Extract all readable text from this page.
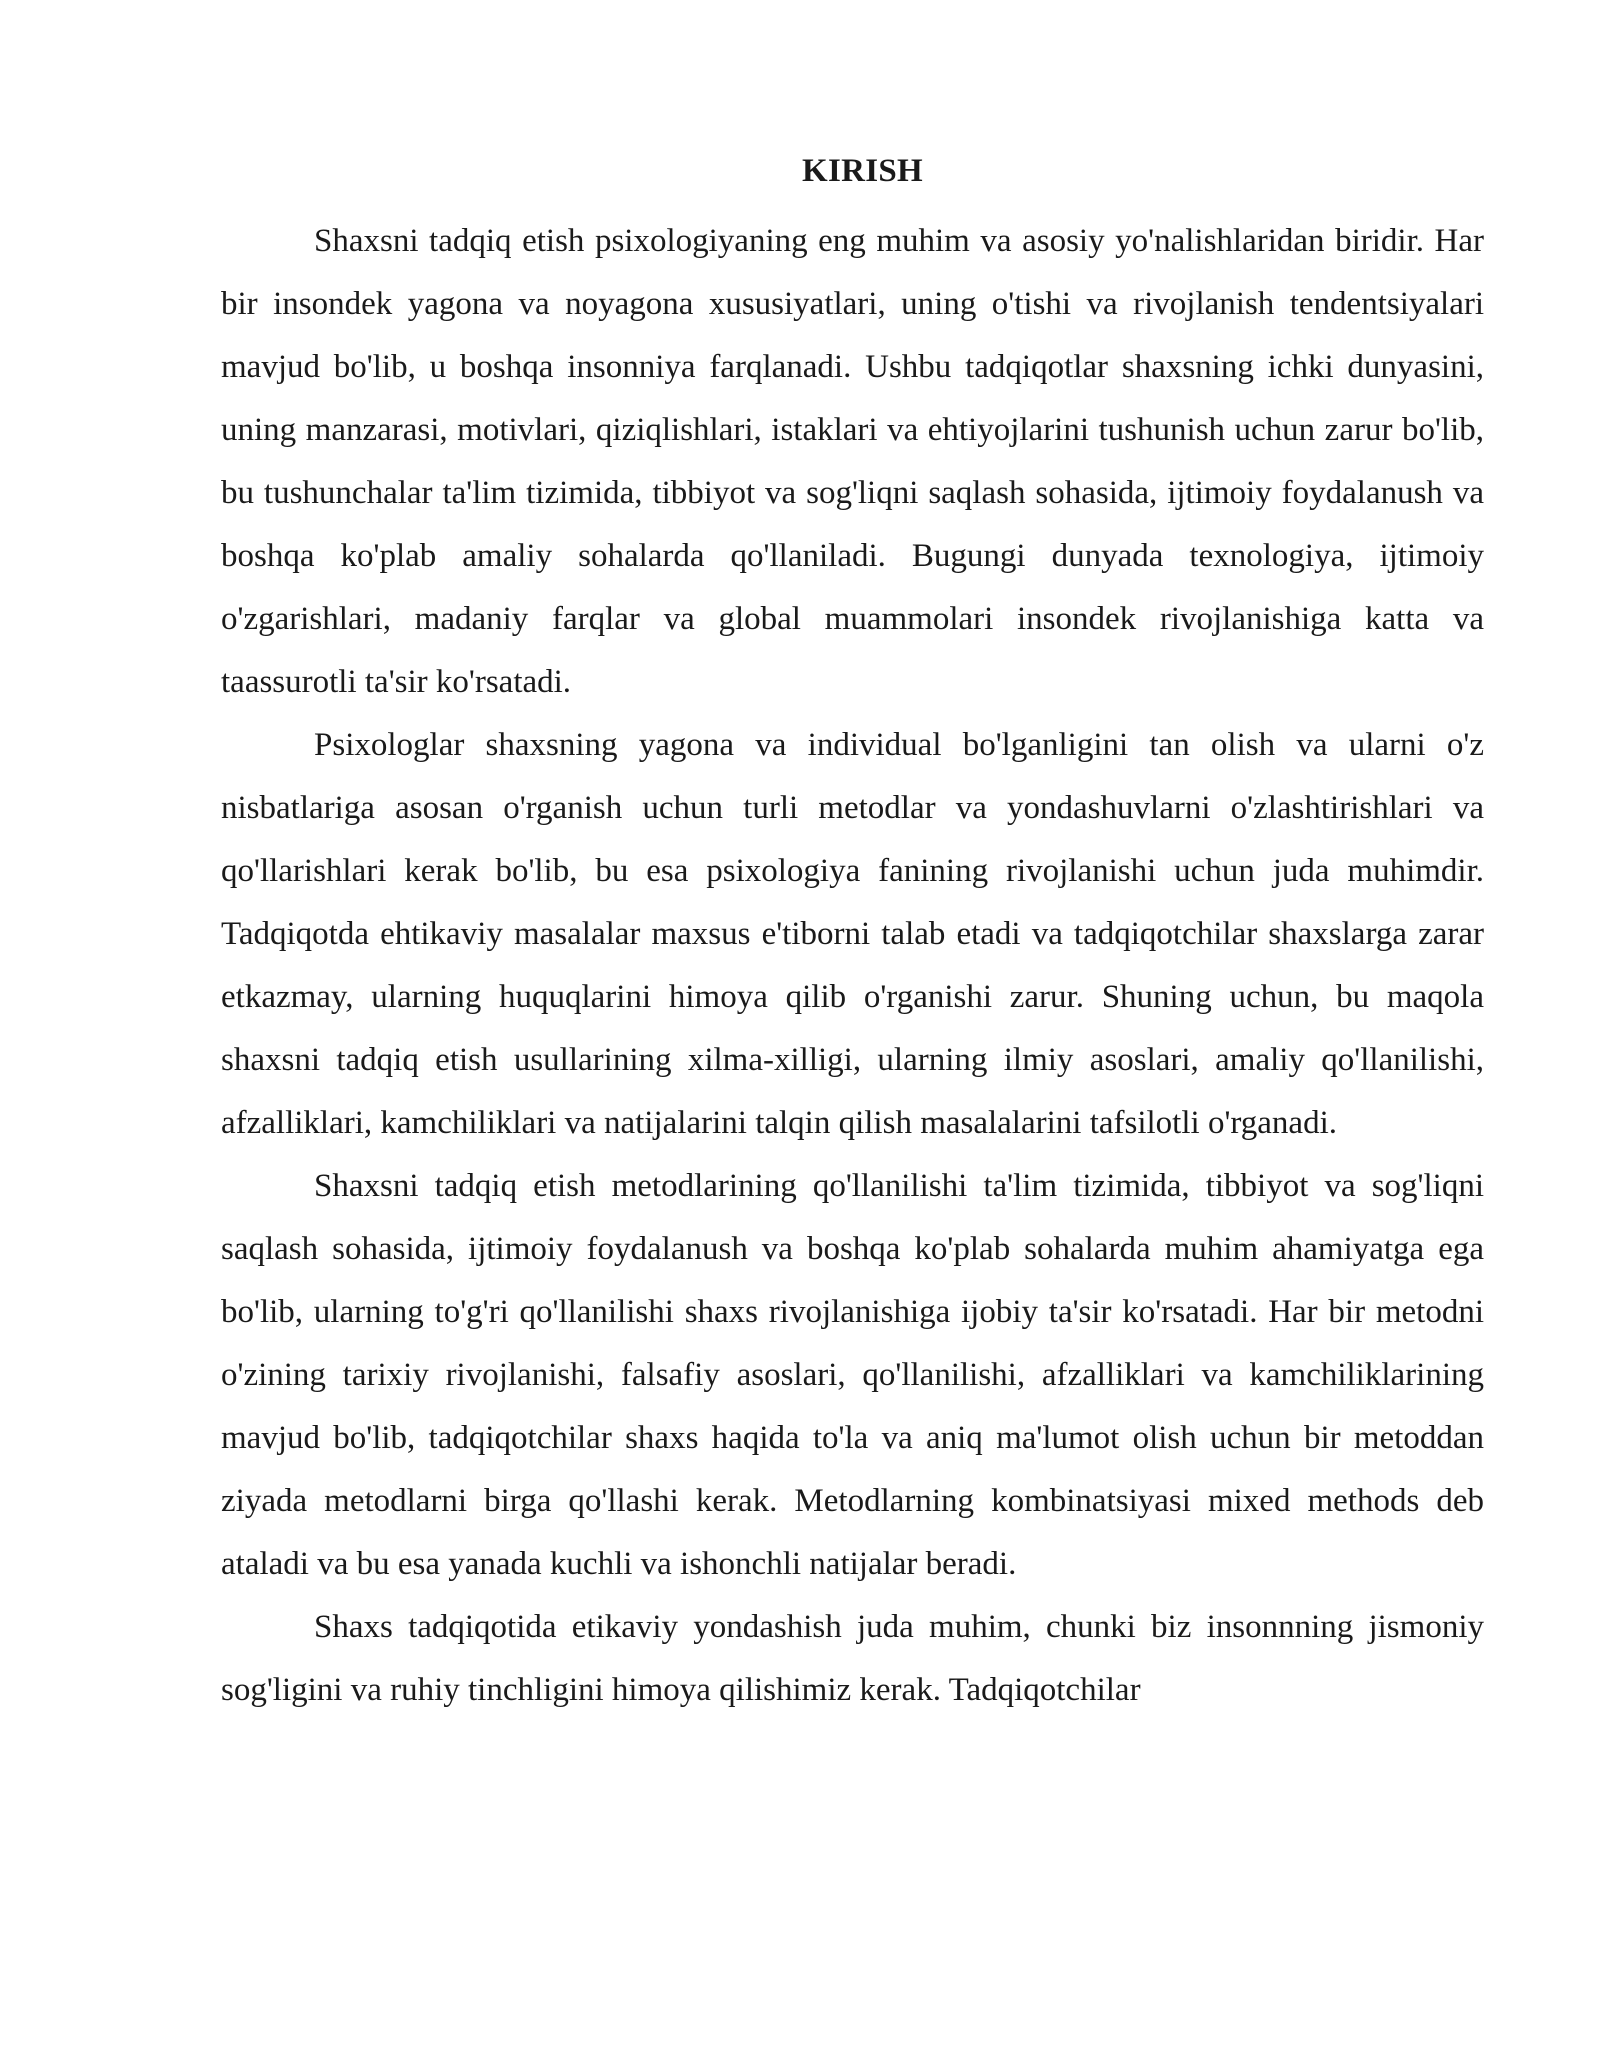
KIRISH

Shaxsni tadqiq etish psixologiyaning eng muhim va asosiy yo'nalishlaridan biridir. Har bir insondek yagona va noyagona xususiyatlari, uning o'tishi va rivojlanish tendentsiyalari mavjud bo'lib, u boshqa insonniya farqlanadi. Ushbu tadqiqotlar shaxsning ichki dunyasini, uning manzarasi, motivlari, qiziqlishlari, istaklari va ehtiyojlarini tushunish uchun zarur bo'lib, bu tushunchalar ta'lim tizimida, tibbiyot va sog'liqni saqlash sohasida, ijtimoiy foydalanush va boshqa ko'plab amaliy sohalarda qo'llaniladi. Bugungi dunyada texnologiya, ijtimoiy o'zgarishlari, madaniy farqlar va global muammolari insondek rivojlanishiga katta va taassurotli ta'sir ko'rsatadi.

Psixologlar shaxsning yagona va individual bo'lganligini tan olish va ularni o'z nisbatlariga asosan o'rganish uchun turli metodlar va yondashuvlarni o'zlashtirishlari va qo'llarishlari kerak bo'lib, bu esa psixologiya fanining rivojlanishi uchun juda muhimdir. Tadqiqotda ehtikaviy masalalar maxsus e'tiborni talab etadi va tadqiqotchilar shaxslarga zarar etkazmay, ularning huquqlarini himoya qilib o'rganishi zarur. Shuning uchun, bu maqola shaxsni tadqiq etish usullarining xilma-xilligi, ularning ilmiy asoslari, amaliy qo'llanilishi, afzalliklari, kamchiliklari va natijalarini talqin qilish masalalarini tafsilotli o'rganadi.

Shaxsni tadqiq etish metodlarining qo'llanilishi ta'lim tizimida, tibbiyot va sog'liqni saqlash sohasida, ijtimoiy foydalanush va boshqa ko'plab sohalarda muhim ahamiyatga ega bo'lib, ularning to'g'ri qo'llanilishi shaxs rivojlanishiga ijobiy ta'sir ko'rsatadi. Har bir metodni o'zining tarixiy rivojlanishi, falsafiy asoslari, qo'llanilishi, afzalliklari va kamchiliklarining mavjud bo'lib, tadqiqotchilar shaxs haqida to'la va aniq ma'lumot olish uchun bir metoddan ziyada metodlarni birga qo'llashi kerak. Metodlarning kombinatsiyasi mixed methods deb ataladi va bu esa yanada kuchli va ishonchli natijalar beradi.

Shaxs tadqiqotida etikaviy yondashish juda muhim, chunki biz insonnning jismoniy sog'ligini va ruhiy tinchligini himoya qilishimiz kerak. Tadqiqotchilar
